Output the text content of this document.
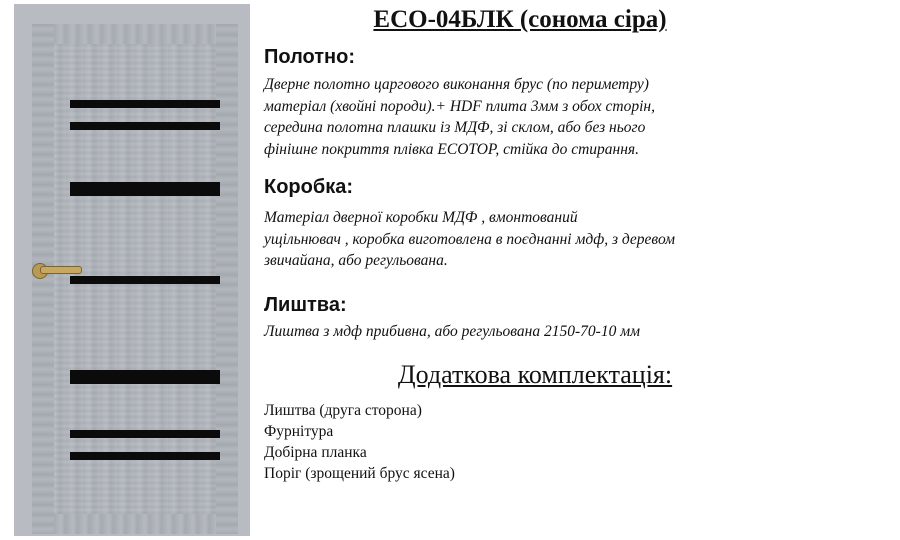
ECO-04БЛК (сонома сіра)
Полотно:
Дверне полотно царгового виконання брус (по периметру)
матеріал (хвойні породи).+ HDF плита 3мм з обох сторін,
середина полотна плашки із МДФ, зі склом, або без нього
фінішне покриття плівка ECOTOP, стійка до стирання.
Коробка:
Матеріал дверної коробки МДФ , вмонтований
ущільнювач , коробка виготовлена в поєднанні мдф, з деревом
звичайана, або регульована.
Лиштва:
Лиштва з мдф прибивна, або регульована 2150-70-10 мм
Додаткова комплектація:
Лиштва (друга сторона)
Фурнітура
Добірна планка
Поріг (зрощений брус ясена)
